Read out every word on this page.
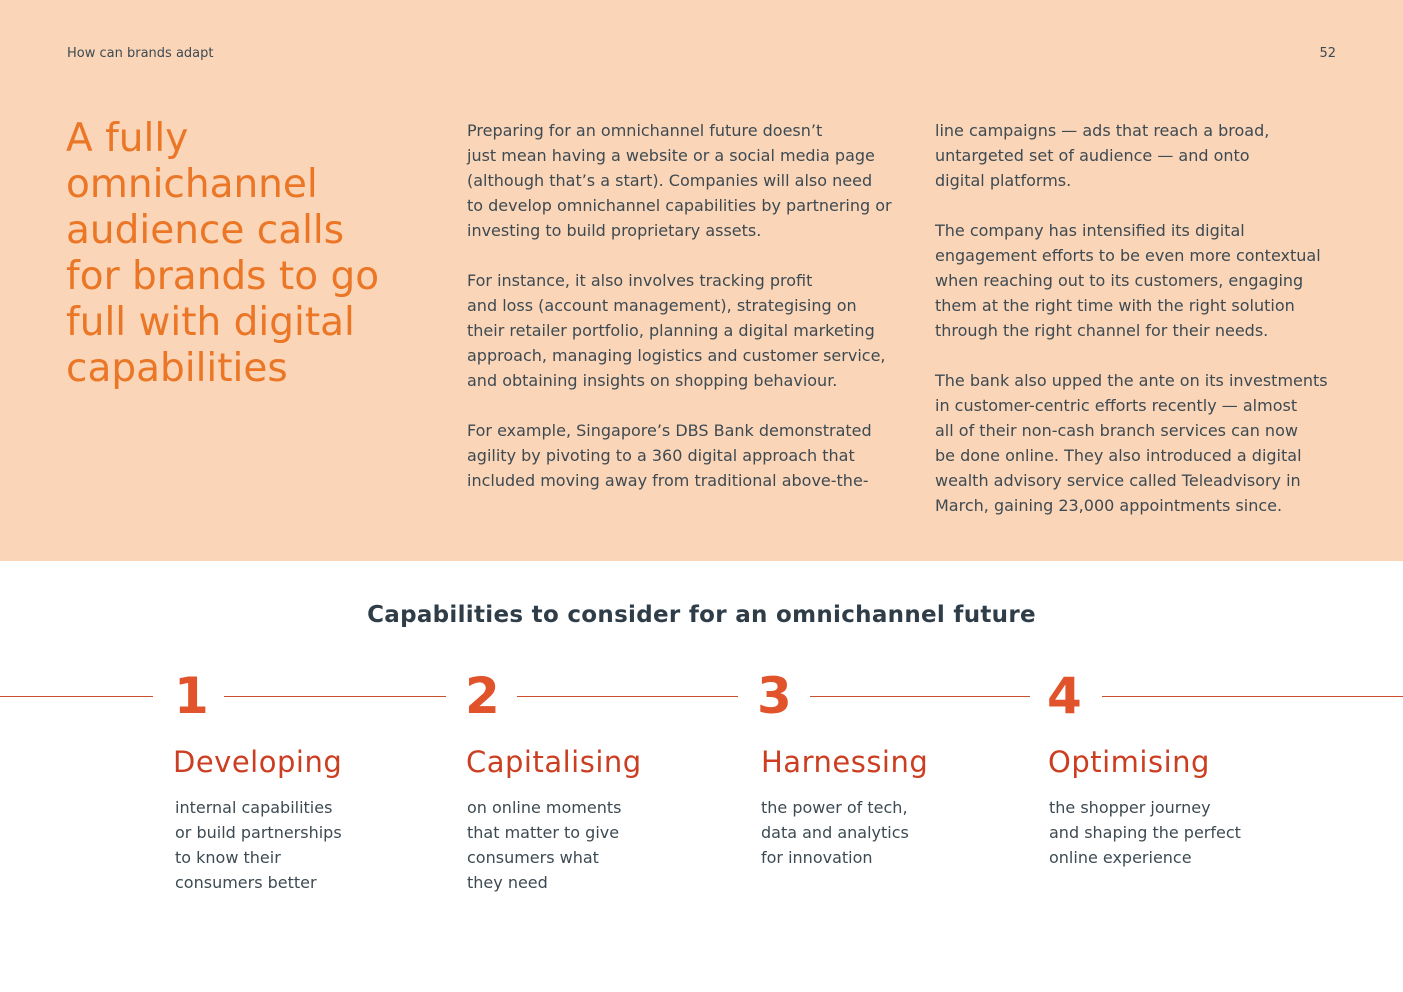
How can brands adapt	52
A fully
omnichannel
audience calls
for brands to go
full with digital
capabilities

Preparing for an omnichannel future doesn’t
just mean having a website or a social media page
(although that’s a start). Companies will also need
to develop omnichannel capabilities by partnering or
investing to build proprietary assets.

For instance, it also involves tracking profit
and loss (account management), strategising on
their retailer portfolio, planning a digital marketing
approach, managing logistics and customer service,
and obtaining insights on shopping behaviour.

For example, Singapore’s DBS Bank demonstrated
agility by pivoting to a 360 digital approach that
included moving away from traditional above-the-

line campaigns — ads that reach a broad,
untargeted set of audience — and onto
digital platforms.

The company has intensified its digital
engagement efforts to be even more contextual
when reaching out to its customers, engaging
them at the right time with the right solution
through the right channel for their needs.

The bank also upped the ante on its investments
in customer-centric efforts recently — almost
all of their non-cash branch services can now
be done online. They also introduced a digital
wealth advisory service called Teleadvisory in
March, gaining 23,000 appointments since.

Capabilities to consider for an omnichannel future
1	2	3	4
Developing	Capitalising	Harnessing	Optimising
internal capabilities
or build partnerships
to know their
consumers better
on online moments
that matter to give
consumers what
they need
the power of tech,
data and analytics
for innovation
the shopper journey
and shaping the perfect
online experience
